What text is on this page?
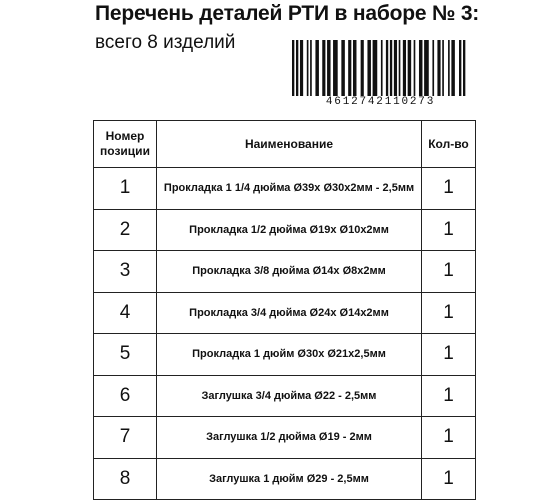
Перечень деталей РТИ в наборе № 3:
всего 8 изделий
4612742110273
Номер
позиции	Наименование	Кол-во
1	Прокладка 1 1/4 дюйма Ø39х Ø30х2мм - 2,5мм	1
2	Прокладка 1/2 дюйма Ø19х Ø10х2мм	1
3	Прокладка 3/8 дюйма Ø14х Ø8х2мм	1
4	Прокладка 3/4 дюйма Ø24х Ø14х2мм	1
5	Прокладка 1 дюйм Ø30х Ø21х2,5мм	1
6	Заглушка 3/4 дюйма Ø22 - 2,5мм	1
7	Заглушка 1/2 дюйма Ø19 - 2мм	1
8	Заглушка 1 дюйм Ø29 - 2,5мм	1
